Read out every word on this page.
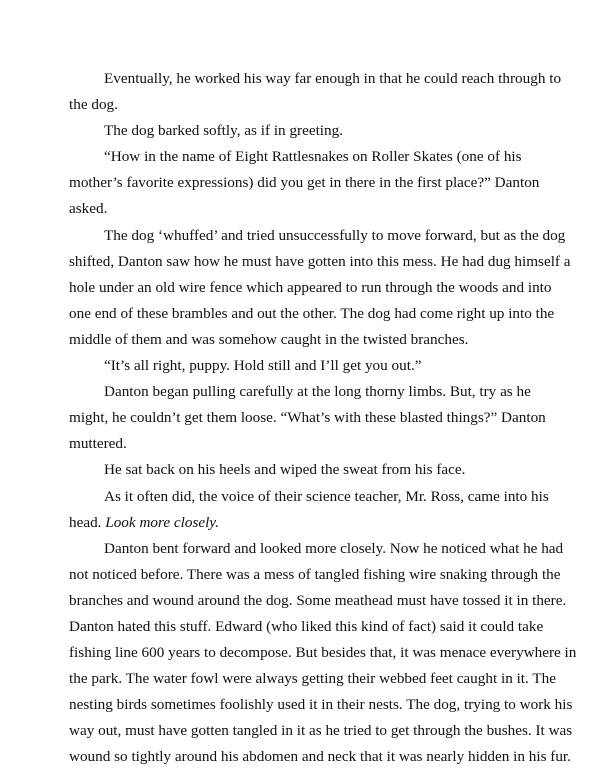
Eventually, he worked his way far enough in that he could reach through to
the dog.
The dog barked softly, as if in greeting.
“How in the name of Eight Rattlesnakes on Roller Skates (one of his
mother’s favorite expressions) did you get in there in the first place?” Danton
asked.
The dog ‘whuffed’ and tried unsuccessfully to move forward, but as the dog
shifted, Danton saw how he must have gotten into this mess. He had dug himself a
hole under an old wire fence which appeared to run through the woods and into
one end of these brambles and out the other. The dog had come right up into the
middle of them and was somehow caught in the twisted branches.
“It’s all right, puppy. Hold still and I’ll get you out.”
Danton began pulling carefully at the long thorny limbs. But, try as he
might, he couldn’t get them loose. “What’s with these blasted things?” Danton
muttered.
He sat back on his heels and wiped the sweat from his face.
As it often did, the voice of their science teacher, Mr. Ross, came into his
head. Look more closely.
Danton bent forward and looked more closely. Now he noticed what he had
not noticed before. There was a mess of tangled fishing wire snaking through the
branches and wound around the dog. Some meathead must have tossed it in there.
Danton hated this stuff. Edward (who liked this kind of fact) said it could take
fishing line 600 years to decompose. But besides that, it was menace everywhere in
the park. The water fowl were always getting their webbed feet caught in it. The
nesting birds sometimes foolishly used it in their nests. The dog, trying to work his
way out, must have gotten tangled in it as he tried to get through the bushes. It was
wound so tightly around his abdomen and neck that it was nearly hidden in his fur.
